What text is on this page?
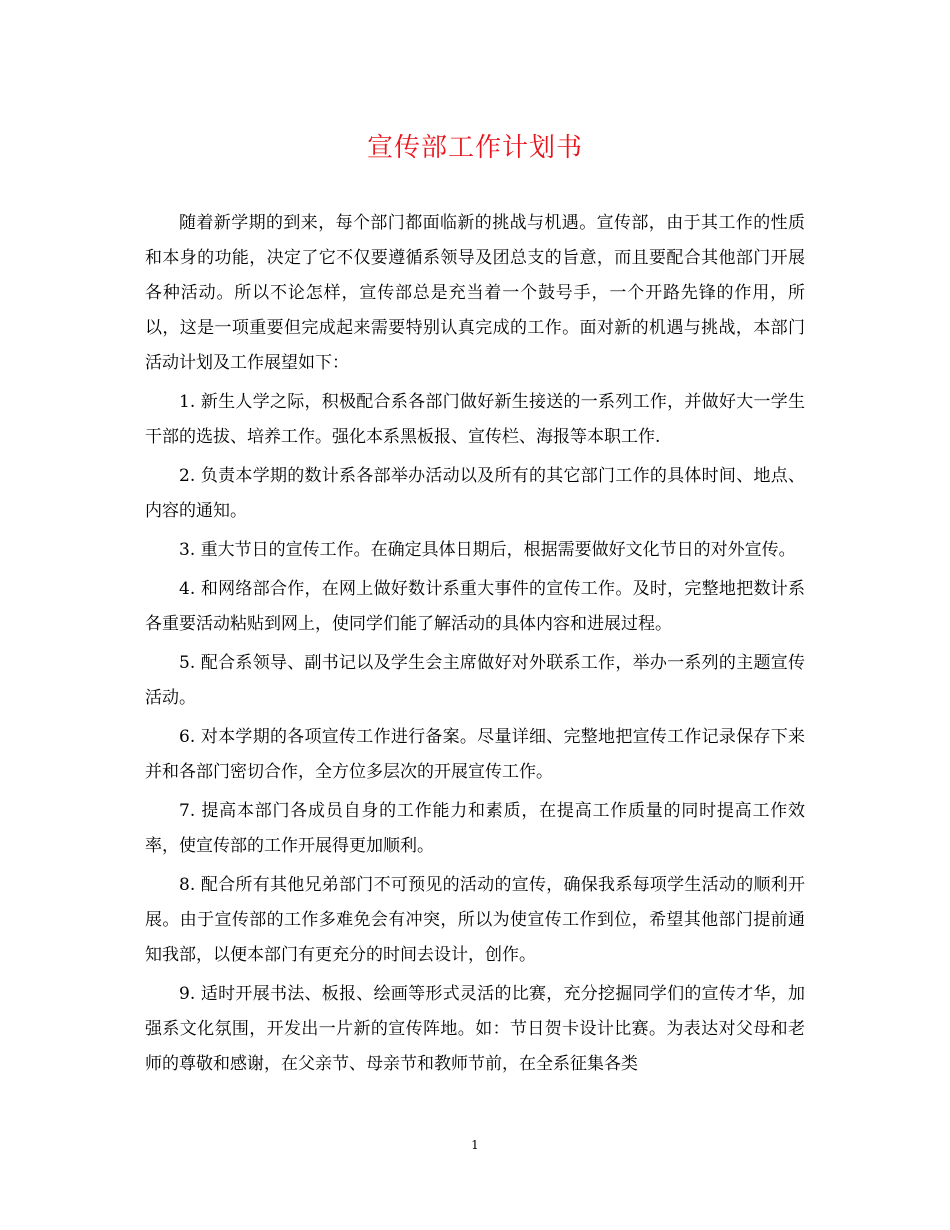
宣传部工作计划书

随着新学期的到来，每个部门都面临新的挑战与机遇。宣传部，由于其工作的性质和本身的功能，决定了它不仅要遵循系领导及团总支的旨意，而且要配合其他部门开展各种活动。所以不论怎样，宣传部总是充当着一个鼓号手，一个开路先锋的作用，所以，这是一项重要但完成起来需要特别认真完成的工作。面对新的机遇与挑战，本部门活动计划及工作展望如下：

1. 新生人学之际，积极配合系各部门做好新生接送的一系列工作，并做好大一学生干部的选拔、培养工作。强化本系黑板报、宣传栏、海报等本职工作.

2. 负责本学期的数计系各部举办活动以及所有的其它部门工作的具体时间、地点、内容的通知。

3. 重大节日的宣传工作。在确定具体日期后，根据需要做好文化节日的对外宣传。

4. 和网络部合作，在网上做好数计系重大事件的宣传工作。及时，完整地把数计系各重要活动粘贴到网上，使同学们能了解活动的具体内容和进展过程。

5. 配合系领导、副书记以及学生会主席做好对外联系工作，举办一系列的主题宣传活动。

6. 对本学期的各项宣传工作进行备案。尽量详细、完整地把宣传工作记录保存下来并和各部门密切合作，全方位多层次的开展宣传工作。

7. 提高本部门各成员自身的工作能力和素质，在提高工作质量的同时提高工作效率，使宣传部的工作开展得更加顺利。

8. 配合所有其他兄弟部门不可预见的活动的宣传，确保我系每项学生活动的顺利开展。由于宣传部的工作多难免会有冲突，所以为使宣传工作到位，希望其他部门提前通知我部，以便本部门有更充分的时间去设计，创作。

9. 适时开展书法、板报、绘画等形式灵活的比赛，充分挖掘同学们的宣传才华，加强系文化氛围，开发出一片新的宣传阵地。如：节日贺卡设计比赛。为表达对父母和老师的尊敬和感谢，在父亲节、母亲节和教师节前，在全系征集各类

1
